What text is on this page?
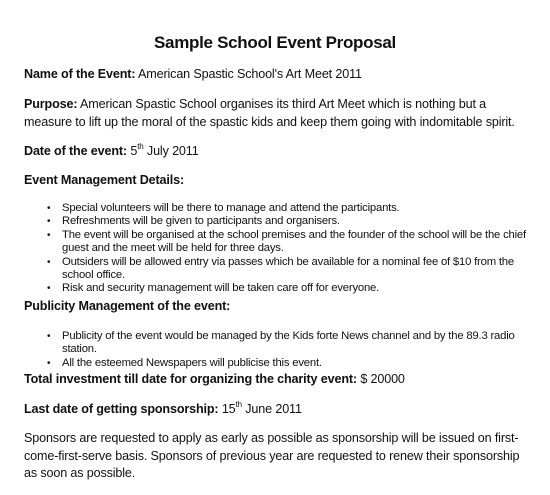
Sample School Event Proposal
Name of the Event: American Spastic School's Art Meet 2011
Purpose: American Spastic School organises its third Art Meet which is nothing but a measure to lift up the moral of the spastic kids and keep them going with indomitable spirit.
Date of the event: 5th July 2011
Event Management Details:
• Special volunteers will be there to manage and attend the participants.
• Refreshments will be given to participants and organisers.
• The event will be organised at the school premises and the founder of the school will be the chief guest and the meet will be held for three days.
• Outsiders will be allowed entry via passes which be available for a nominal fee of $10 from the school office.
• Risk and security management will be taken care off for everyone.
Publicity Management of the event:
• Publicity of the event would be managed by the Kids forte News channel and by the 89.3 radio station.
• All the esteemed Newspapers will publicise this event.
Total investment till date for organizing the charity event: $ 20000
Last date of getting sponsorship: 15th June 2011
Sponsors are requested to apply as early as possible as sponsorship will be issued on first-come-first-serve basis. Sponsors of previous year are requested to renew their sponsorship as soon as possible.
